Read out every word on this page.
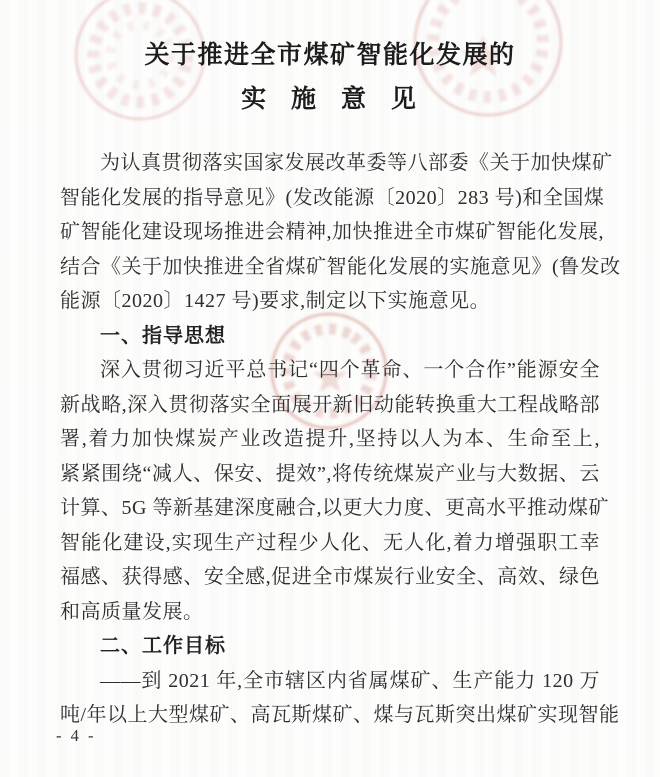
关于推进全市煤矿智能化发展的
实 施 意 见
为认真贯彻落实国家发展改革委等八部委《关于加快煤矿
智能化发展的指导意见》(发改能源〔2020〕283 号)和全国煤
矿智能化建设现场推进会精神,加快推进全市煤矿智能化发展,
结合《关于加快推进全省煤矿智能化发展的实施意见》(鲁发改
能源〔2020〕1427 号)要求,制定以下实施意见。
一、指导思想
深入贯彻习近平总书记“四个革命、一个合作”能源安全
新战略,深入贯彻落实全面展开新旧动能转换重大工程战略部
署,着力加快煤炭产业改造提升,坚持以人为本、生命至上,
紧紧围绕“减人、保安、提效”,将传统煤炭产业与大数据、云
计算、5G 等新基建深度融合,以更大力度、更高水平推动煤矿
智能化建设,实现生产过程少人化、无人化,着力增强职工幸
福感、获得感、安全感,促进全市煤炭行业安全、高效、绿色
和高质量发展。
二、工作目标
——到 2021 年,全市辖区内省属煤矿、生产能力 120 万
吨/年以上大型煤矿、高瓦斯煤矿、煤与瓦斯突出煤矿实现智能
- 4 -
